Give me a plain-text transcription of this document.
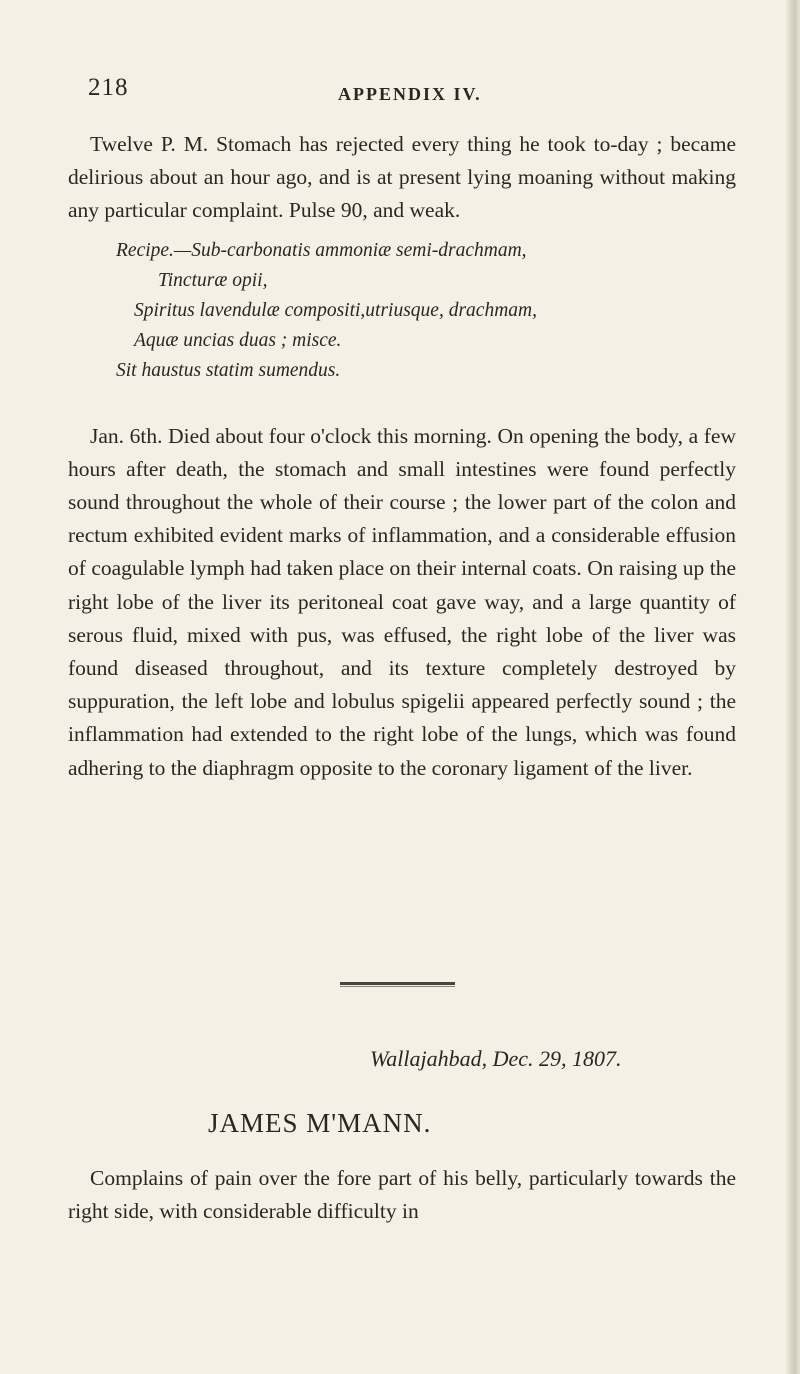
218	APPENDIX IV.

Twelve P. M. Stomach has rejected every thing he took to-day ; became delirious about an hour ago, and is at present lying moaning without making any particular complaint. Pulse 90, and weak.

Recipe.—Sub-carbonatis ammoniæ semi-drachmam,
Tincturæ opii,
Spiritus lavendulæ compositi,utriusque, drachmam,
Aquæ uncias duas ; misce.
Sit haustus statim sumendus.

Jan. 6th. Died about four o'clock this morning. On opening the body, a few hours after death, the stomach and small intestines were found perfectly sound throughout the whole of their course ; the lower part of the colon and rectum exhibited evident marks of inflammation, and a considerable effusion of coagulable lymph had taken place on their internal coats. On raising up the right lobe of the liver its peritoneal coat gave way, and a large quantity of serous fluid, mixed with pus, was effused, the right lobe of the liver was found diseased throughout, and its texture completely destroyed by suppuration, the left lobe and lobulus spigelii appeared perfectly sound ; the inflammation had extended to the right lobe of the lungs, which was found adhering to the diaphragm opposite to the coronary ligament of the liver.

Wallajahbad, Dec. 29, 1807.
JAMES M'MANN.

Complains of pain over the fore part of his belly, particularly towards the right side, with considerable difficulty in
